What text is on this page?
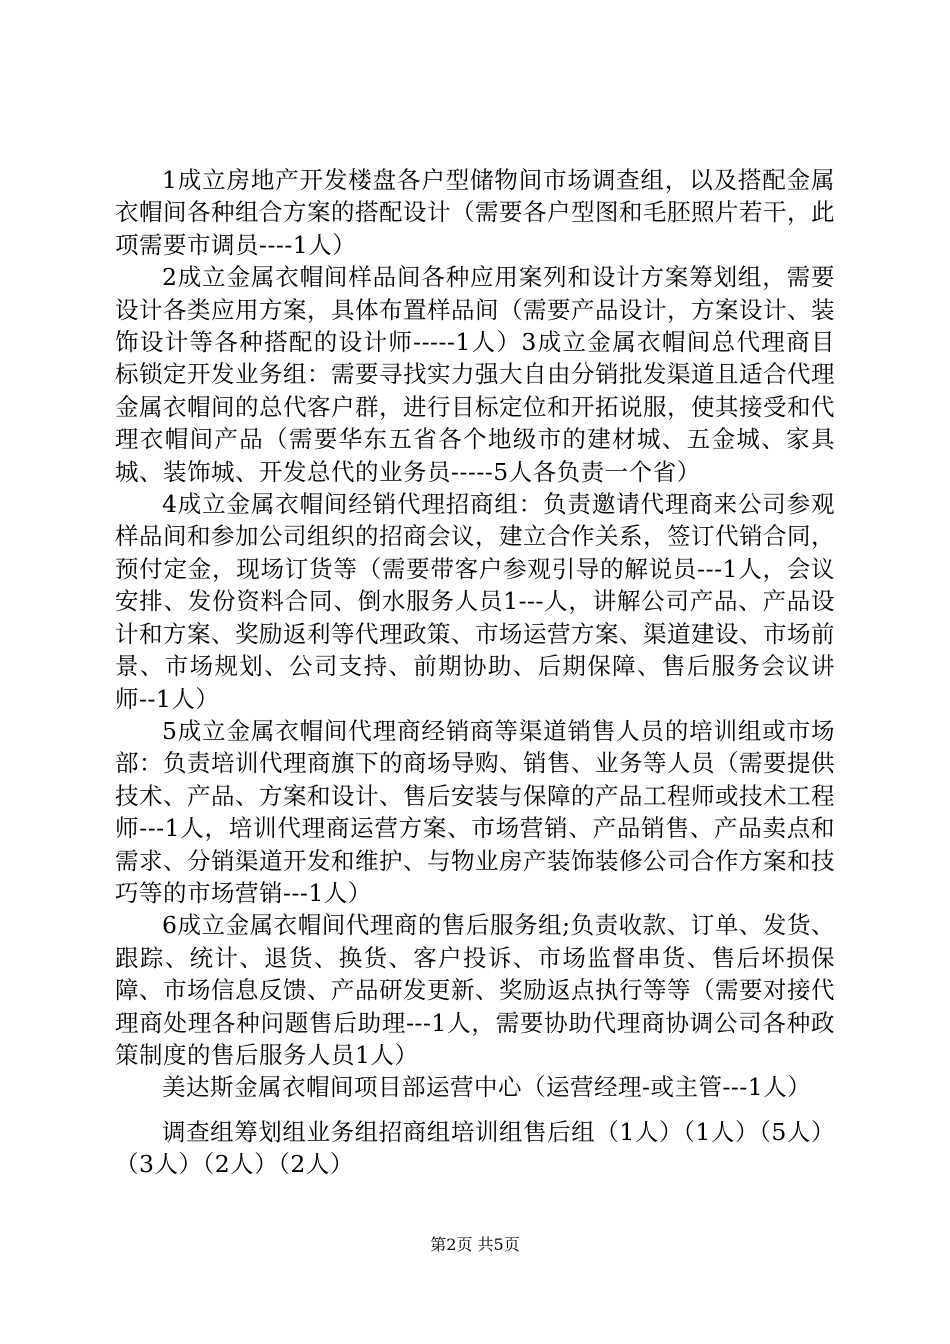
1成立房地产开发楼盘各户型储物间市场调查组，以及搭配金属衣帽间各种组合方案的搭配设计（需要各户型图和毛胚照片若干，此项需要市调员----1人）

2成立金属衣帽间样品间各种应用案列和设计方案筹划组，需要设计各类应用方案，具体布置样品间（需要产品设计，方案设计、装饰设计等各种搭配的设计师-----1人）3成立金属衣帽间总代理商目标锁定开发业务组：需要寻找实力强大自由分销批发渠道且适合代理金属衣帽间的总代客户群，进行目标定位和开拓说服，使其接受和代理衣帽间产品（需要华东五省各个地级市的建材城、五金城、家具城、装饰城、开发总代的业务员-----5人各负责一个省）

4成立金属衣帽间经销代理招商组：负责邀请代理商来公司参观样品间和参加公司组织的招商会议，建立合作关系，签订代销合同，预付定金，现场订货等（需要带客户参观引导的解说员---1人，会议安排、发份资料合同、倒水服务人员1---人，讲解公司产品、产品设计和方案、奖励返利等代理政策、市场运营方案、渠道建设、市场前景、市场规划、公司支持、前期协助、后期保障、售后服务会议讲师--1人）

5成立金属衣帽间代理商经销商等渠道销售人员的培训组或市场部：负责培训代理商旗下的商场导购、销售、业务等人员（需要提供技术、产品、方案和设计、售后安装与保障的产品工程师或技术工程师---1人，培训代理商运营方案、市场营销、产品销售、产品卖点和需求、分销渠道开发和维护、与物业房产装饰装修公司合作方案和技巧等的市场营销---1人）

6成立金属衣帽间代理商的售后服务组;负责收款、订单、发货、跟踪、统计、退货、换货、客户投诉、市场监督串货、售后坏损保障、市场信息反馈、产品研发更新、奖励返点执行等等（需要对接代理商处理各种问题售后助理---1人，需要协助代理商协调公司各种政策制度的售后服务人员1人）

美达斯金属衣帽间项目部运营中心（运营经理-或主管---1人）

调查组筹划组业务组招商组培训组售后组（1人）（1人）（5人）（3人）（2人）（2人）

第2页 共5页
